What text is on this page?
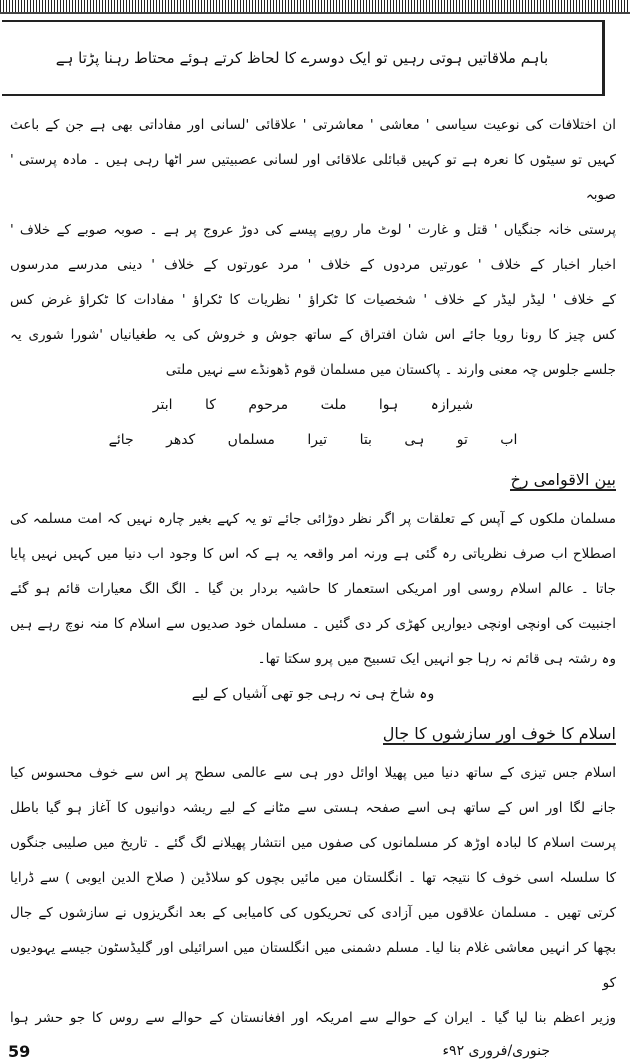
باہم ملاقاتیں ہوتی رہیں تو ایک دوسرے کا لحاظ کرتے ہوئے محتاط رہنا پڑتا ہے
ان اختلافات کی نوعیت سیاسی ' معاشی ' معاشرتی ' علاقائی 'لسانی اور مفاداتی بھی ہے جن کے باعث
کہیں تو سیٹوں کا نعرہ ہے تو کہیں قبائلی علاقائی اور لسانی عصبیتیں سر اٹھا رہی ہیں ۔ مادہ پرستی ' صوبہ
پرستی خانہ جنگیاں ' قتل و غارت ' لوٹ مار روپے پیسے کی دوڑ عروج پر ہے ۔ صوبہ صوبے کے خلاف '
اخبار اخبار کے خلاف ' عورتیں مردوں کے خلاف ' مرد عورتوں کے خلاف ' دینی مدرسے مدرسوں
کے خلاف ' لیڈر لیڈر کے خلاف ' شخصیات کا ٹکراؤ ' نظریات کا ٹکراؤ ' مفادات کا ٹکراؤ غرض کس
کس چیز کا رونا رویا جائے اس شان افتراق کے ساتھ جوش و خروش کی یہ طغیانیاں 'شورا شوری یہ
جلسے جلوس چہ معنی وارند ۔ پاکستان میں مسلمان قوم ڈھونڈے سے نہیں ملتی
شیرازہ ہوا ملت مرحوم کا ابتر
اب تو ہی بتا تیرا مسلماں کدھر جائے
بین الاقوامی رخ
مسلمان ملکوں کے آپس کے تعلقات پر اگر نظر دوڑائی جائے تو یہ کہے بغیر چارہ نہیں کہ امت مسلمہ کی
اصطلاح اب صرف نظریاتی رہ گئی ہے ورنہ امر واقعہ یہ ہے کہ اس کا وجود اب دنیا میں کہیں نہیں پایا
جاتا ۔ عالم اسلام روسی اور امریکی استعمار کا حاشیہ بردار بن گیا ۔ الگ الگ معیارات قائم ہو گئے
اجنبیت کی اونچی اونچی دیواریں کھڑی کر دی گئیں ۔ مسلماں خود صدیوں سے اسلام کا منہ نوچ رہے ہیں
وہ رشتہ ہی قائم نہ رہا جو انہیں ایک تسبیح میں پرو سکتا تھا۔
وہ شاخ ہی نہ رہی جو تھی آشیاں کے لیے
اسلام کا خوف اور سازشوں کا جال
اسلام جس تیزی کے ساتھ دنیا میں پھیلا اوائل دور ہی سے عالمی سطح پر اس سے خوف محسوس کیا
جانے لگا اور اس کے ساتھ ہی اسے صفحہ ہستی سے مٹانے کے لیے ریشہ دوانیوں کا آغاز ہو گیا باطل
پرست اسلام کا لبادہ اوڑھ کر مسلمانوں کی صفوں میں انتشار پھیلانے لگ گئے ۔ تاریخ میں صلیبی جنگوں
کا سلسلہ اسی خوف کا نتیجہ تھا ۔ انگلستان میں مائیں بچوں کو سلاڈین ( صلاح الدین ایوبی ) سے ڈرایا
کرتی تھیں ۔ مسلمان علاقوں میں آزادی کی تحریکوں کی کامیابی کے بعد انگریزوں نے سازشوں کے جال
بچھا کر انہیں معاشی غلام بنا لیا۔ مسلم دشمنی میں انگلستان میں اسرائیلی اور گلیڈسٹون جیسے یہودیوں کو
وزیر اعظم بنا لیا گیا ۔ ایران کے حوالے سے امریکہ اور افغانستان کے حوالے سے روس کا جو حشر ہوا
59	جنوری/فروری ۹۲ء
